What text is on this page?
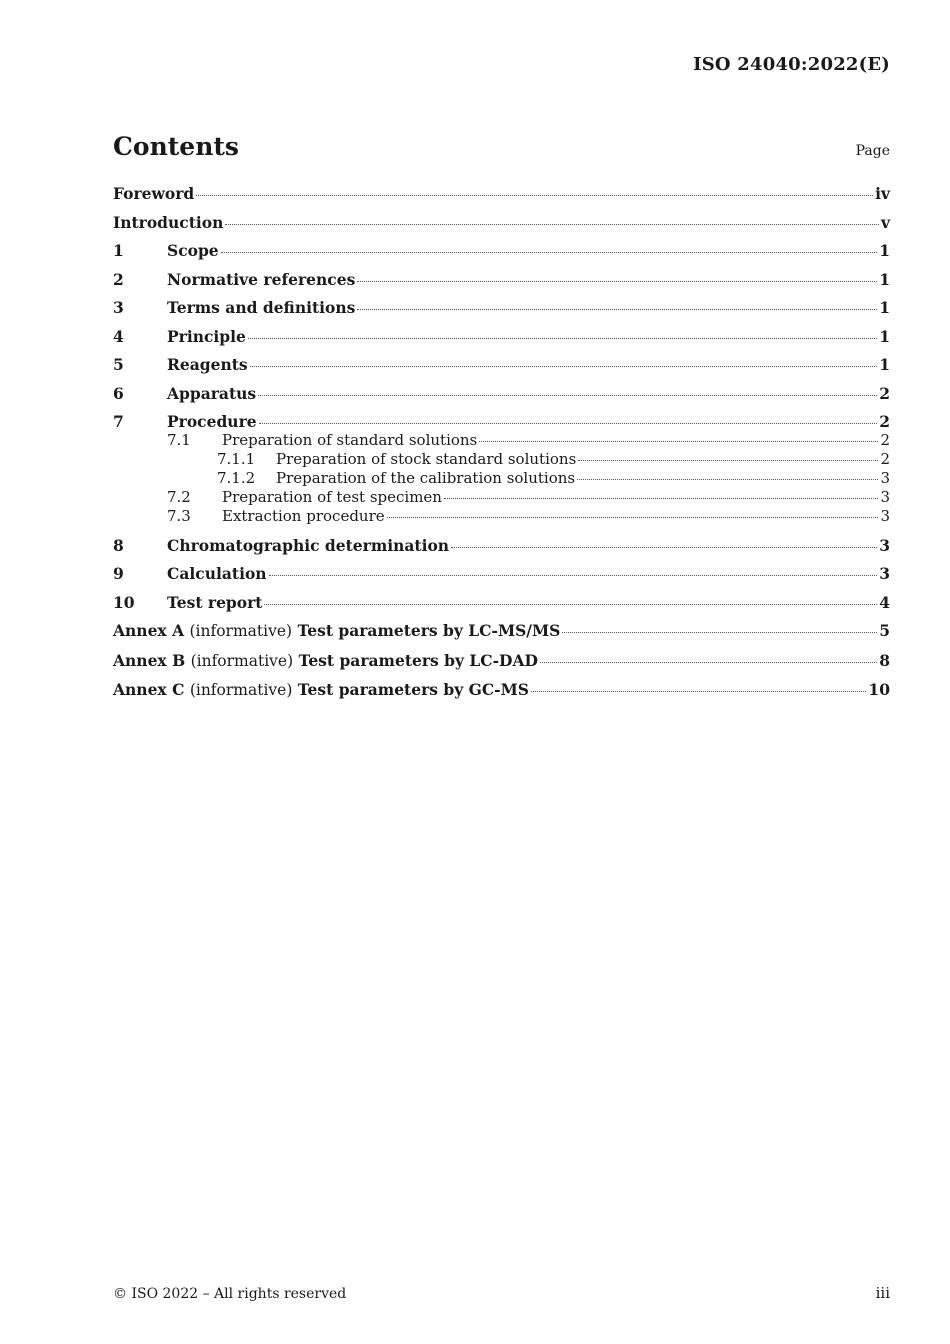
ISO 24040:2022(E)
Contents	Page
Foreword	iv
Introduction	v
1	Scope	1
2	Normative references	1
3	Terms and definitions	1
4	Principle	1
5	Reagents	1
6	Apparatus	2
7	Procedure	2
7.1	Preparation of standard solutions	2
7.1.1	Preparation of stock standard solutions	2
7.1.2	Preparation of the calibration solutions	3
7.2	Preparation of test specimen	3
7.3	Extraction procedure	3
8	Chromatographic determination	3
9	Calculation	3
10	Test report	4
Annex A (informative) Test parameters by LC-MS/MS	5
Annex B (informative) Test parameters by LC-DAD	8
Annex C (informative) Test parameters by GC-MS	10
© ISO 2022 – All rights reserved	iii
